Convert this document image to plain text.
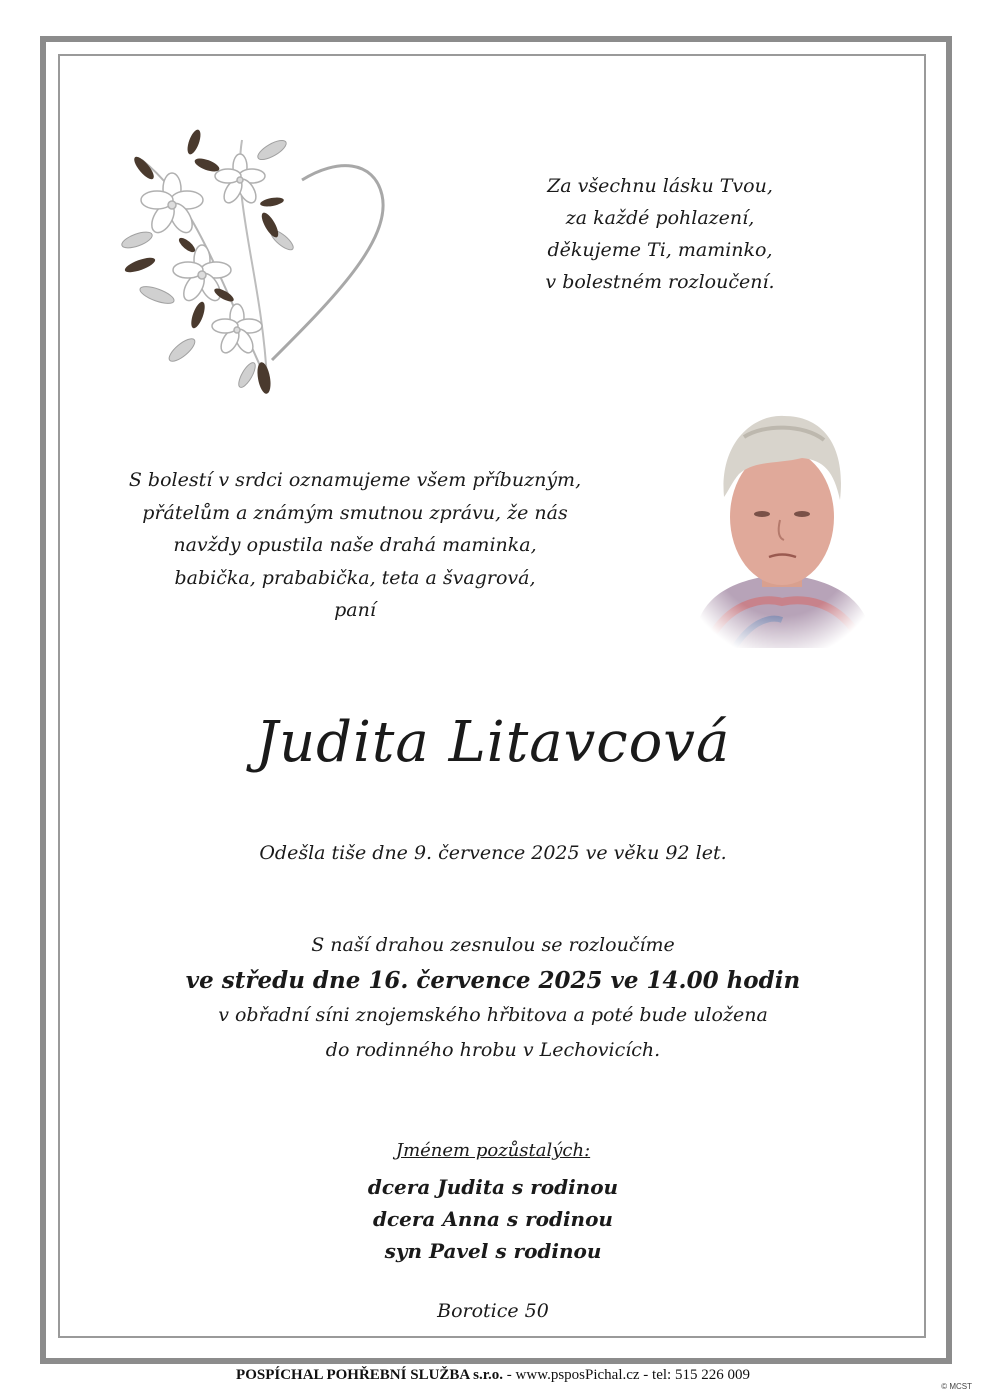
Za všechnu lásku Tvou,
za každé pohlazení,
děkujeme Ti, maminko,
v bolestném rozloučení.
S bolestí v srdci oznamujeme všem příbuzným,
přátelům a známým smutnou zprávu, že nás
navždy opustila naše drahá maminka,
babička, prababička, teta a švagrová,
paní
Judita Litavcová
Odešla tiše dne 9. července 2025 ve věku 92 let.
S naší drahou zesnulou se rozloučíme
ve středu dne 16. července 2025 ve 14.00 hodin
v obřadní síni znojemského hřbitova a poté bude uložena
do rodinného hrobu v Lechovicích.
Jménem pozůstalých:
dcera Judita s rodinou
dcera Anna s rodinou
syn Pavel s rodinou
Borotice 50
POSPÍCHAL POHŘEBNÍ SLUŽBA s.r.o. - www.psposPichal.cz - tel: 515 226 009
© MCST
